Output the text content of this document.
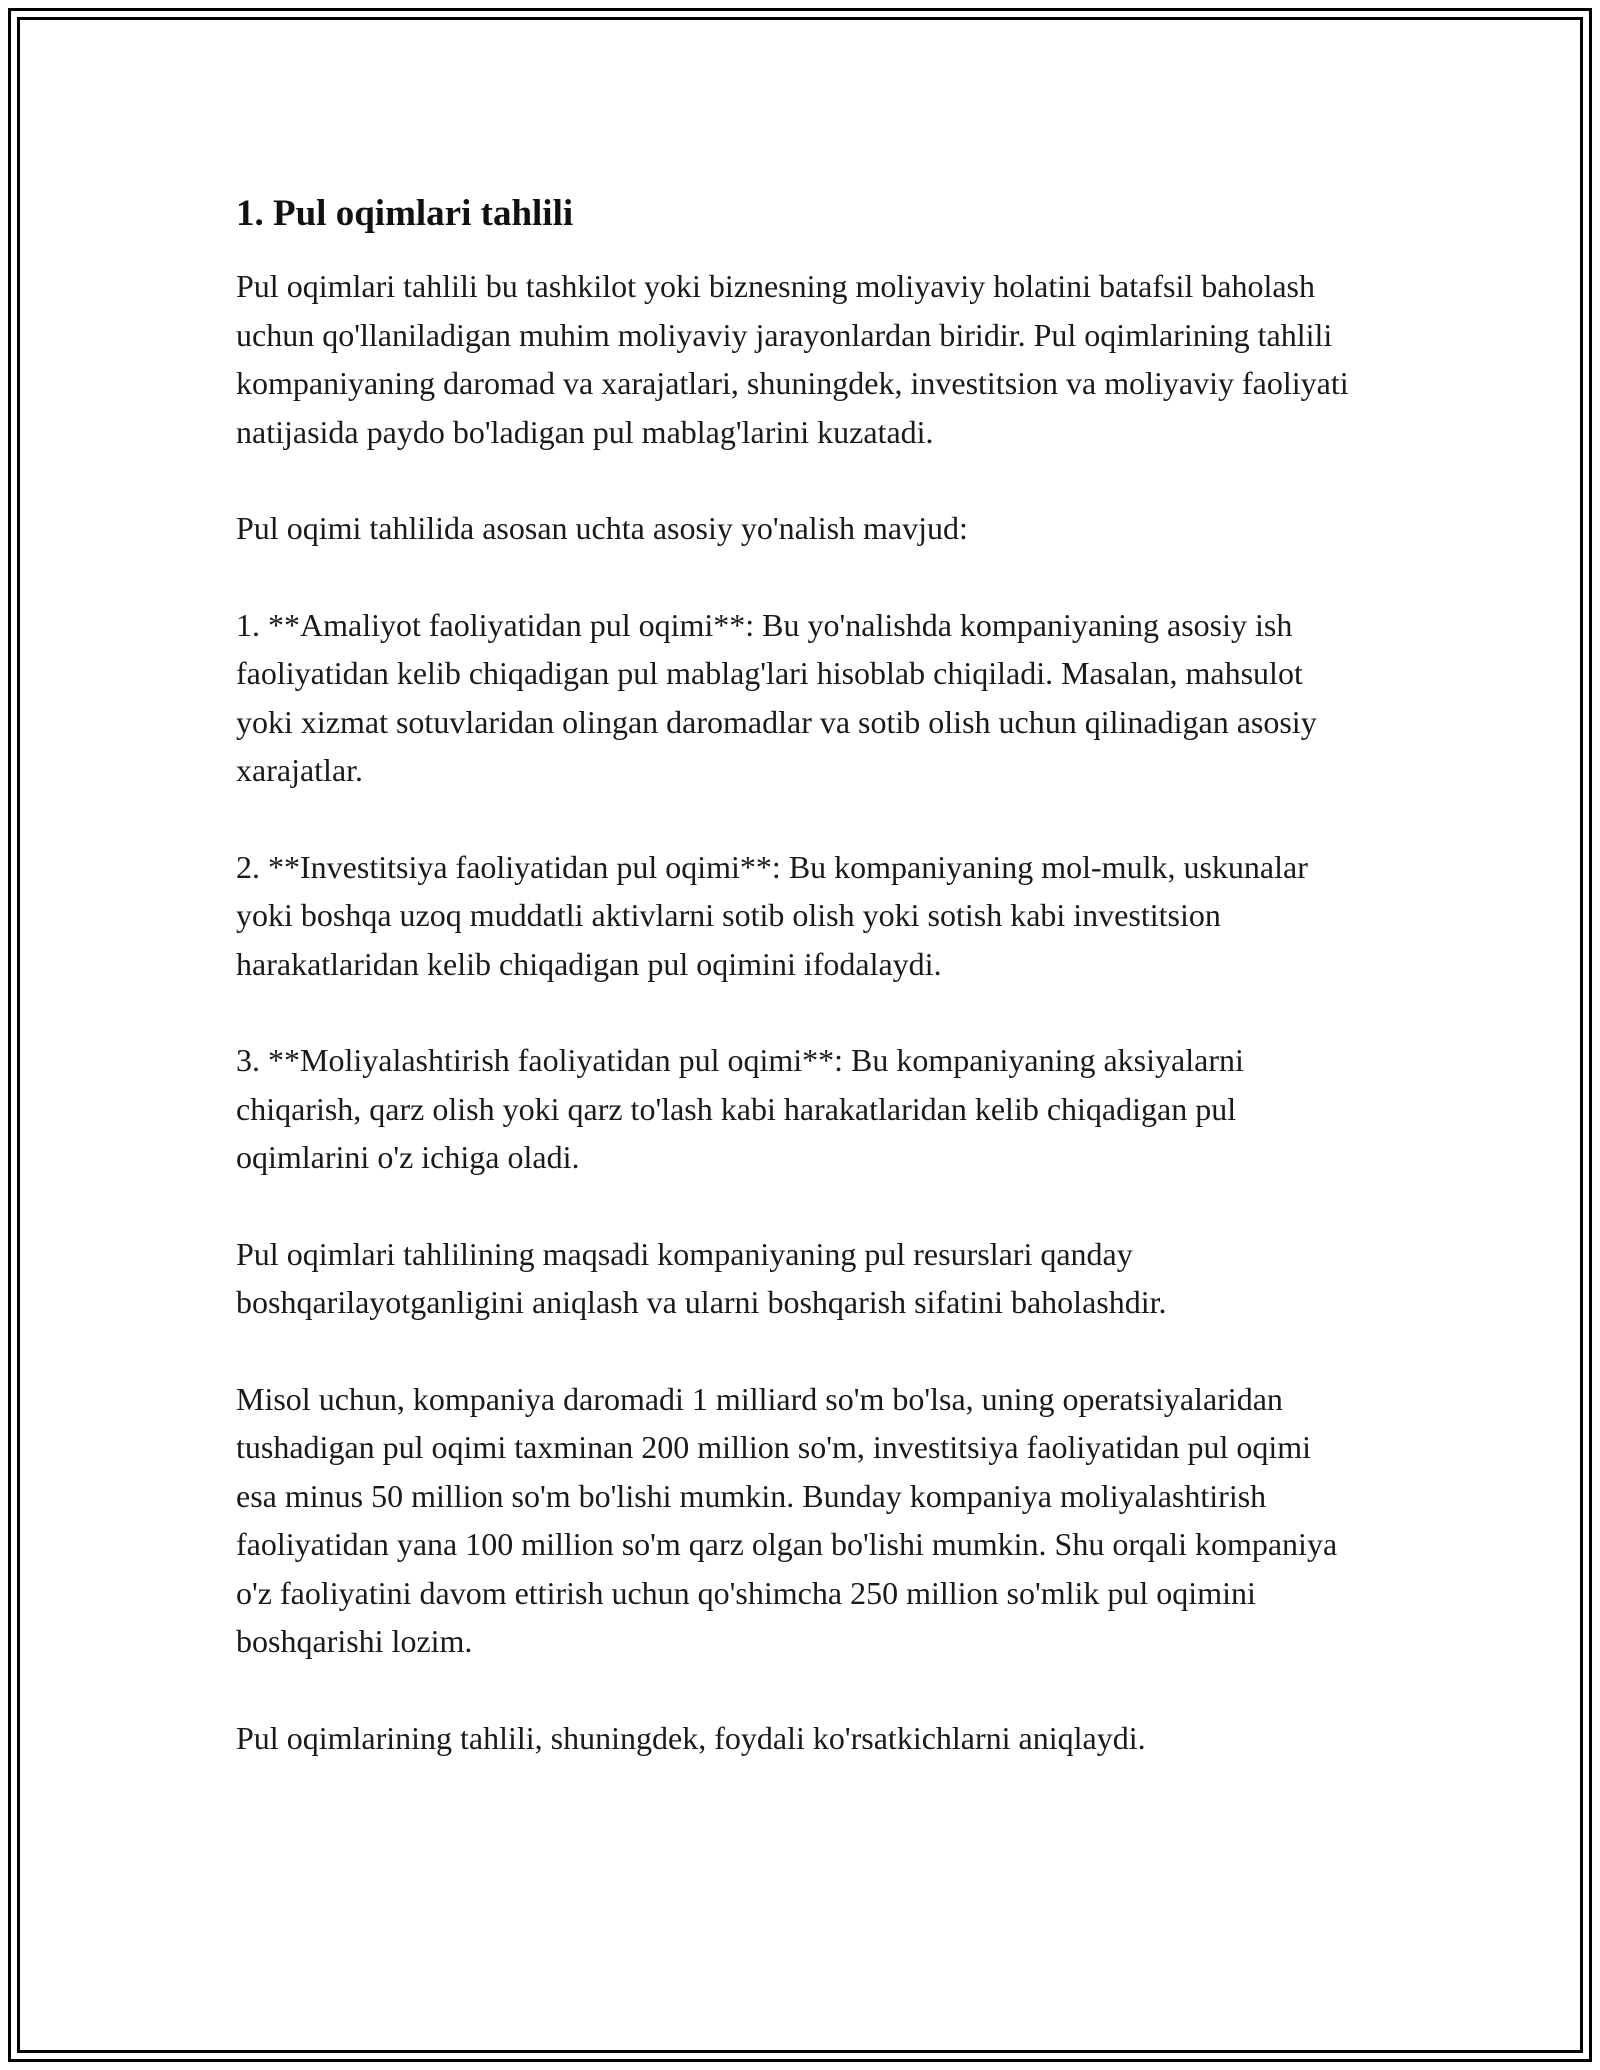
1. Pul oqimlari tahlili

Pul oqimlari tahlili bu tashkilot yoki biznesning moliyaviy holatini batafsil baholash uchun qo'llaniladigan muhim moliyaviy jarayonlardan biridir. Pul oqimlarining tahlili kompaniyaning daromad va xarajatlari, shuningdek, investitsion va moliyaviy faoliyati natijasida paydo bo'ladigan pul mablag'larini kuzatadi.

Pul oqimi tahlilida asosan uchta asosiy yo'nalish mavjud:

1. **Amaliyot faoliyatidan pul oqimi**: Bu yo'nalishda kompaniyaning asosiy ish faoliyatidan kelib chiqadigan pul mablag'lari hisoblab chiqiladi. Masalan, mahsulot yoki xizmat sotuvlaridan olingan daromadlar va sotib olish uchun qilinadigan asosiy xarajatlar.

2. **Investitsiya faoliyatidan pul oqimi**: Bu kompaniyaning mol-mulk, uskunalar yoki boshqa uzoq muddatli aktivlarni sotib olish yoki sotish kabi investitsion harakatlaridan kelib chiqadigan pul oqimini ifodalaydi.

3. **Moliyalashtirish faoliyatidan pul oqimi**: Bu kompaniyaning aksiyalarni chiqarish, qarz olish yoki qarz to'lash kabi harakatlaridan kelib chiqadigan pul oqimlarini o'z ichiga oladi.

Pul oqimlari tahlilining maqsadi kompaniyaning pul resurslari qanday boshqarilayotganligini aniqlash va ularni boshqarish sifatini baholashdir.

Misol uchun, kompaniya daromadi 1 milliard so'm bo'lsa, uning operatsiyalaridan tushadigan pul oqimi taxminan 200 million so'm, investitsiya faoliyatidan pul oqimi esa minus 50 million so'm bo'lishi mumkin. Bunday kompaniya moliyalashtirish faoliyatidan yana 100 million so'm qarz olgan bo'lishi mumkin. Shu orqali kompaniya o'z faoliyatini davom ettirish uchun qo'shimcha 250 million so'mlik pul oqimini boshqarishi lozim.

Pul oqimlarining tahlili, shuningdek, foydali ko'rsatkichlarni aniqlaydi.
